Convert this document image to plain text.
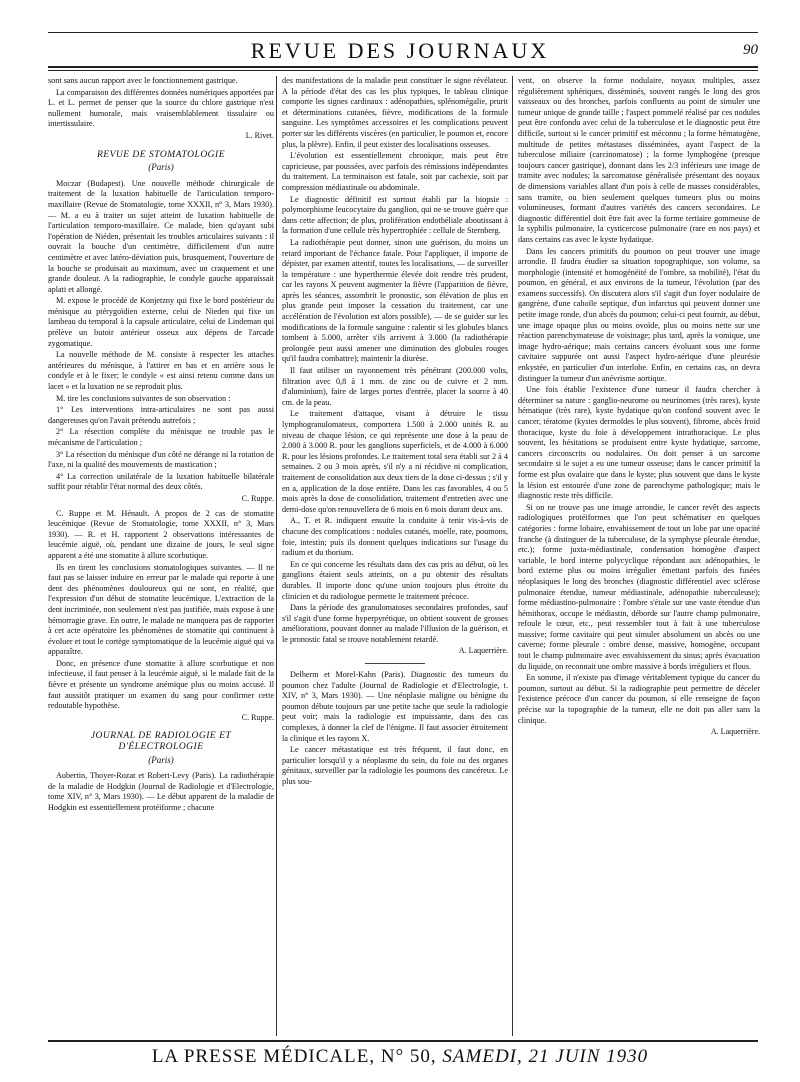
REVUE DES JOURNAUX	90

sont sans aucun rapport avec le fonctionnement gastrique.

La comparaison des différentes données numériques apportées par L. et L. permet de penser que la source du chlore gastrique n'est nullement humorale, mais vraisemblablement tissulaire ou intertissulaire.

L. Rivet.

REVUE DE STOMATOLOGIE
(Paris)

Moczar (Budapest). Une nouvelle méthode chirurgicale de traitement de la luxation habituelle de l'articulation temporo-maxillaire (Revue de Stomatologie, tome XXXII, n° 3, Mars 1930). — M. a eu à traiter un sujet atteint de luxation habituelle de l'articulation temporo-maxillaire. Ce malade, bien qu'ayant subi l'opération de Niéden, présentait les troubles articulaires suivants : il ouvrait la bouche d'un centimètre, difficilement d'un autre centimètre et avec latéro-déviation puis, brusquement, l'ouverture de la bouche se produisait au maximum, avec un craquement et une grande douleur. A la radiographie, le condyle gauche apparaissait aplati et allongé.

M. expose le procédé de Konjetzny qui fixe le bord postérieur du ménisque au ptérygoïdien externe, celui de Nieden qui fixe un lambeau du temporal à la capsule articulaire, celui de Lindeman qui prélève un butoir antérieur osseux aux dépens de l'arcade zygomatique.

La nouvelle méthode de M. consiste à respecter les attaches antérieures du ménisque, à l'attirer en bas et en arrière sous le condyle et à le fixer; le condyle « est ainsi retenu comme dans un lacet » et la luxation ne se reproduit plus.

M. tire les conclusions suivantes de son observation :

1° Les interventions intra-articulaires ne sont pas aussi dangereuses qu'on l'avait prétendu autrefois ;

2° La résection complète du ménisque ne trouble pas le mécanisme de l'articulation ;

3° La résection du ménisque d'un côté ne dérange ni la rotation de l'axe, ni la qualité des mouvements de mastication ;

4° La correction unilatérale de la luxation habituelle bilatérale suffit pour rétablir l'état normal des deux côtés.

C. Ruppe.

C. Ruppe et M. Hénault. A propos de 2 cas de stomatite leucémique (Revue de Stomatologie, tome XXXII, n° 3, Mars 1930). — R. et H. rapportent 2 observations intéressantes de leucémie aiguë, où, pendant une dizaine de jours, le seul signe apparent a été une stomatite à allure scorbutique.

Ils en tirent les conclusions stomatologiques suivantes. — Il ne faut pas se laisser induire en erreur par le malade qui reporte à une dent des phénomènes douloureux qui ne sont, en réalité, que l'expression d'un début de stomatite leucémique. L'extraction de la dent incriminée, non seulement n'est pas justifiée, mais expose à une hémorragie grave. En outre, le malade ne manquera pas de rapporter à cet acte opératoire les phénomènes de stomatite qui continuent à évoluer et tout le cortège symptomatique de la leucémie aiguë qui va apparaître.

Donc, en présence d'une stomatite à allure scorbutique et non infectieuse, il faut penser à la leucémie aiguë, si le malade fait de la fièvre et présente un syndrome anémique plus ou moins accusé. Il faut aussitôt pratiquer un examen du sang pour confirmer cette redoutable hypothèse.

C. Ruppe.

JOURNAL DE RADIOLOGIE ET D'ÉLECTROLOGIE
(Paris)

Aubertin, Thoyer-Rozat et Robert-Levy (Paris). La radiothérapie de la maladie de Hodgkin (Journal de Radiologie et d'Electrologie, tome XIV, n° 3, Mars 1930). — Le début apparent de la maladie de Hodgkin est essentiellement protéiforme ; chacune

des manifestations de la maladie peut constituer le signe révélateur. A la période d'état des cas les plus typiques, le tableau clinique comporte les signes cardinaux : adénopathies, splénomégalie, prurit et déterminations cutanées, fièvre, modifications de la formule sanguine. Les symptômes accessoires et les complications peuvent porter sur les différents viscères (en particulier, le poumon et, encore plus, la plèvre). Enfin, il peut exister des localisations osseuses.

L'évolution est essentiellement chronique, mais peut être capricieuse, par poussées, avec parfois des rémissions indépendantes du traitement. La terminaison est fatale, soit par cachexie, soit par compression médiastinale ou abdominale.

Le diagnostic définitif est surtout établi par la biopsie : polymorphisme leucocytaire du ganglion, qui ne se trouve guère que dans cette affection; de plus, prolifération endothéliale aboutissant à la formation d'une cellule très hypertrophiée : cellule de Sternberg.

La radiothérapie peut donner, sinon une guérison, du moins un retard important de l'échance fatale. Pour l'appliquer, il importe de dépister, par examen attentif, toutes les localisations, — de surveiller la température : une hyperthermie élevée doit rendre très prudent, car les rayons X peuvent augmenter la fièvre (l'apparition de fièvre, après les séances, assombrit le pronostic, son élévation de plus en plus grande peut imposer la cessation du traitement, car une accélération de l'évolution est alors possible), — de se guider sur les modifications de la formule sanguine : ralentir si les globules blancs tombent à 5.000, arrêter s'ils arrivent à 3.000 (la radiothérapie prolongée peut aussi amener une diminution des globules rouges qu'il faudra combattre); maintenir la diurèse.

Il faut utiliser un rayonnement très pénétrant (200.000 volts, filtration avec 0,8 à 1 mm. de zinc ou de cuivre et 2 mm. d'aluminium), faire de larges portes d'entrée, placer la source à 40 cm. de la peau.

Le traitement d'attaque, visant à détruire le tissu lymphogranulomateux, comportera 1.500 à 2.000 unités R. au niveau de chaque lésion, ce qui représente une dose à la peau de 2.000 à 3.000 R. pour les ganglions superficiels, et de 4.000 à 6.000 R. pour les lésions profondes. Le traitement total sera établi sur 2 à 4 semaines. 2 ou 3 mois après, s'il n'y a ni récidive ni complication, traitement de consolidation aux deux tiers de la dose ci-dessus ; s'il y en a, application de la dose entière. Dans les cas favorables, 4 ou 5 mois après la dose de consolidation, traitement d'entretien avec une demi-dose qu'on renouvellera de 6 mois en 6 mois durant deux ans.

A., T. et R. indiquent ensuite la conduite à tenir vis-à-vis de chacune des complications : nodules cutanés, moelle, rate, poumons, foie, intestin; puis ils donnent quelques indications sur l'usage du radium et du thorium.

En ce qui concerne les résultats dans des cas pris au début, où les ganglions étaient seuls atteints, on a pu obtenir des résultats durables. Il importe donc qu'une union toujours plus étroite du clinicien et du radiologue permette le traitement précoce.

Dans la période des granulomatoses secondaires profondes, sauf s'il s'agit d'une forme hyperpyrétique, on obtient souvent de grosses améliorations, pouvant donner au malade l'illusion de la guérison, et le pronostic fatal se trouve notablement retardé.

A. Laquerrière.

Delherm et Morel-Kahn (Paris). Diagnostic des tumeurs du poumon chez l'adulte (Journal de Radiologie et d'Electrologie, t. XIV, n° 3, Mars 1930). — Une néoplasie maligne ou bénigne du poumon débute toujours par une petite tache que seule la radiologie peut voir; mais la radiologie est impuissante, dans des cas complexes, à donner la clef de l'énigme. Il faut associer étroitement la clinique et les rayons X.

Le cancer métastatique est très fréquent, il faut donc, en particulier lorsqu'il y a néoplasme du sein, du foie ou des organes génitaux, surveiller par la radiologie les poumons des cancéreux. Le plus sou-

vent, on observe la forme nodulaire, noyaux multiples, assez régulièrement sphériques, disséminés, souvent rangés le long des gros vaisseaux ou des bronches, parfois confluents au point de simuler une tumeur unique de grande taille ; l'aspect pommelé réalisé par ces nodules peut être confondu avec celui de la tuberculose et le diagnostic peut être difficile, surtout si le cancer primitif est méconnu ; la forme hématogène, multitude de petites métastases disséminées, ayant l'aspect de la tuberculose miliaire (carcinomatose) ; la forme lymphogène (presque toujours cancer gastrique), donnant dans les 2/3 inférieurs une image de tramite avec nodules; la sarcomatose généralisée présentant des noyaux de dimensions variables allant d'un pois à celle de masses considérables, sans tramite, ou bien seulement quelques tumeurs plus ou moins volumineuses, formant d'autres variétés des cancers secondaires. Le diagnostic différentiel doit être fait avec la forme tertiaire gommeuse de la syphilis pulmonaire, la cysticercose pulmonaire (rare en nos pays) et dans certains cas avec le kyste hydatique.

Dans les cancers primitifs du poumon on peut trouver une image arrondie. Il faudra étudier sa situation topographique, son volume, sa morphologie (intensité et homogénéité de l'ombre, sa mobilité), l'état du poumon, en général, et aux environs de la tumeur, l'évolution (par des examens successifs). On discutera alors s'il s'agit d'un foyer nodulaire de gangrène, d'une cahoïle septique, d'un infarctus qui peuvent donner une petite image ronde, d'un abcès du poumon; celui-ci peut fournir, au début, une image opaque plus ou moins ovoïde, plus ou moins nette sur une réaction parenchymateuse de voisinage; plus tard, après la vomique, une image hydro-aérique; mais certains cancers évoluant sous une forme cavitaire suppurée ont aussi l'aspect hydro-aérique d'une pleurésie enkystée, en particulier d'un interlobe. Enfin, en certains cas, on devra distinguer la tumeur d'un anévrisme aortique.

Une fois établie l'existence d'une tumeur il faudra chercher à déterminer sa nature : ganglio-neurome ou neurinomes (très rares), kyste hématique (très rare), kyste hydatique qu'on confond souvent avec le cancer, tératome (kystes dermoïdes le plus souvent), fibrome, abcès froid thoracique, kyste du foie à développement intrathoracique. Le plus souvent, les hésitations se produisent entre kyste hydatique, sarcome, cancers circonscrits ou nodulaires. On doit penser à un sarcome secondaire si le sujet a eu une tumeur osseuse; dans le cancer primitif la forme est plus ovalaire que dans le kyste; plus souvent que dans le kyste la lésion est entourée d'une zone de parenchyme pathologique; mais le diagnostic reste très difficile.

Si on ne trouve pas une image arrondie, le cancer revêt des aspects radiologiques protéiformes que l'on peut schématiser en quelques catégories : forme lobaire, envahissement de tout un lobe par une opacité franche (à distinguer de la tuberculose, de la symphyse pleurale étendue, etc.); forme juxta-médiastinale, condensation homogène d'aspect variable, le bord interne polycyclique répondant aux adénopathies, le bord externe plus ou moins irrégulier émettant parfois des fusées néoplasiques le long des bronches (diagnostic différentiel avec sclérose pulmonaire étendue, tumeur médiastinale, adénopathie tuberculeuse); forme médiastino-pulmonaire : l'ombre s'étale sur une vaste étendue d'un hémithorax, occupe le médiastin, déborde sur l'autre champ pulmonaire, refoule le cœur, etc., peut ressembler tout à fait à une tuberculose massive; forme cavitaire qui peut simuler absolument un abcès ou une caverne; forme pleurale : ombre dense, massive, homogène, occupant tout le champ pulmonaire avec envahissement du sinus; après évacuation du liquide, on reconnait une ombre massive à bords irréguliers et flous.

En somme, il n'existe pas d'image véritablement typique du cancer du poumon, surtout au début. Si la radiographie peut permettre de déceler l'existence précoce d'un cancer du poumon, si elle renseigne de façon précise sur la topographie de la tumeur, elle ne doit pas aller sans la clinique.

A. Laquerrière.

LA PRESSE MÉDICALE, N° 50, SAMEDI, 21 JUIN 1930
